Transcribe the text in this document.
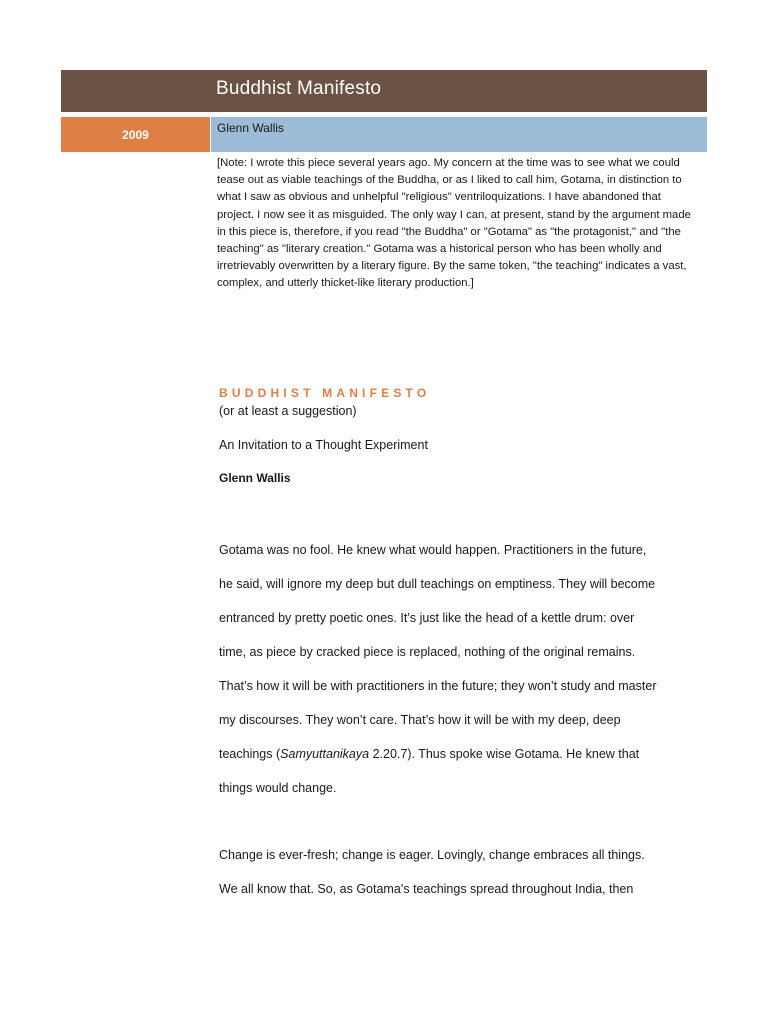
Buddhist Manifesto
2009	Glenn Wallis
[Note: I wrote this piece several years ago. My concern at the time was to see what we could tease out as viable teachings of the Buddha, or as I liked to call him, Gotama, in distinction to what I saw as obvious and unhelpful "religious" ventriloquizations. I have abandoned that project. I now see it as misguided. The only way I can, at present, stand by the argument made in this piece is, therefore, if you read "the Buddha" or "Gotama" as "the protagonist," and "the teaching" as "literary creation." Gotama was a historical person who has been wholly and irretrievably overwritten by a literary figure. By the same token, "the teaching" indicates a vast, complex, and utterly thicket-like literary production.]
BUDDHIST MANIFESTO
(or at least a suggestion)
An Invitation to a Thought Experiment
Glenn Wallis
Gotama was no fool. He knew what would happen. Practitioners in the future,
he said, will ignore my deep but dull teachings on emptiness. They will become
entranced by pretty poetic ones. It’s just like the head of a kettle drum: over
time, as piece by cracked piece is replaced, nothing of the original remains.
That’s how it will be with practitioners in the future; they won’t study and master
my discourses. They won’t care. That’s how it will be with my deep, deep
teachings (Samyuttanikaya 2.20.7). Thus spoke wise Gotama. He knew that
things would change.
Change is ever-fresh; change is eager. Lovingly, change embraces all things.
We all know that. So, as Gotama’s teachings spread throughout India, then
